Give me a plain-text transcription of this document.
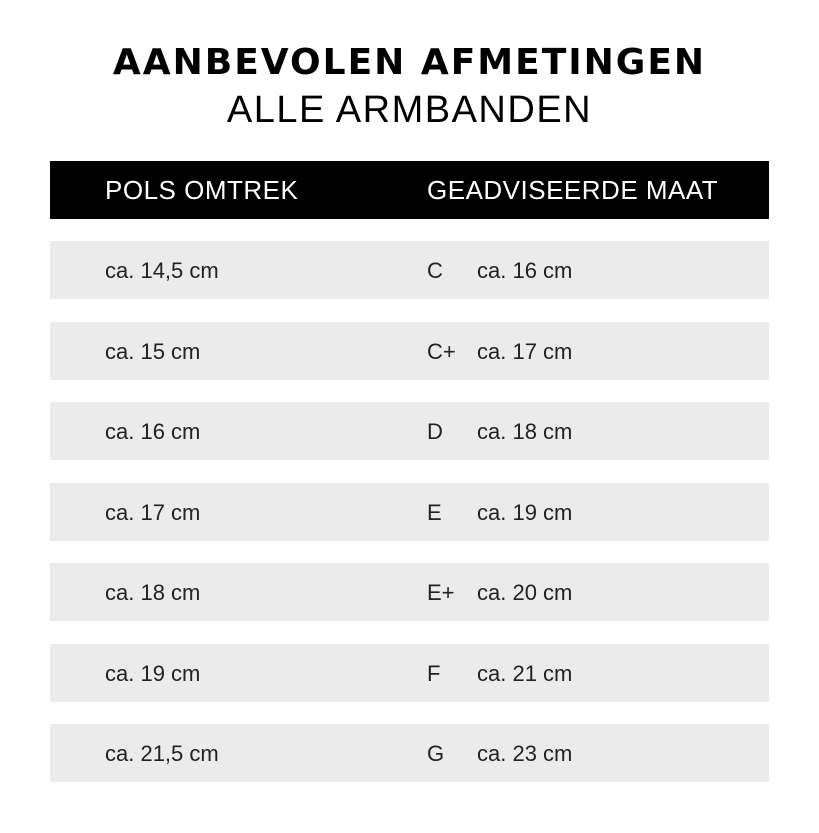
AANBEVOLEN AFMETINGEN
ALLE ARMBANDEN
POLS OMTREK	GEADVISEERDE MAAT
ca. 14,5 cm	C ca. 16 cm
ca. 15 cm	C+ ca. 17 cm
ca. 16 cm	D ca. 18 cm
ca. 17 cm	E ca. 19 cm
ca. 18 cm	E+ ca. 20 cm
ca. 19 cm	F ca. 21 cm
ca. 21,5 cm	G ca. 23 cm
